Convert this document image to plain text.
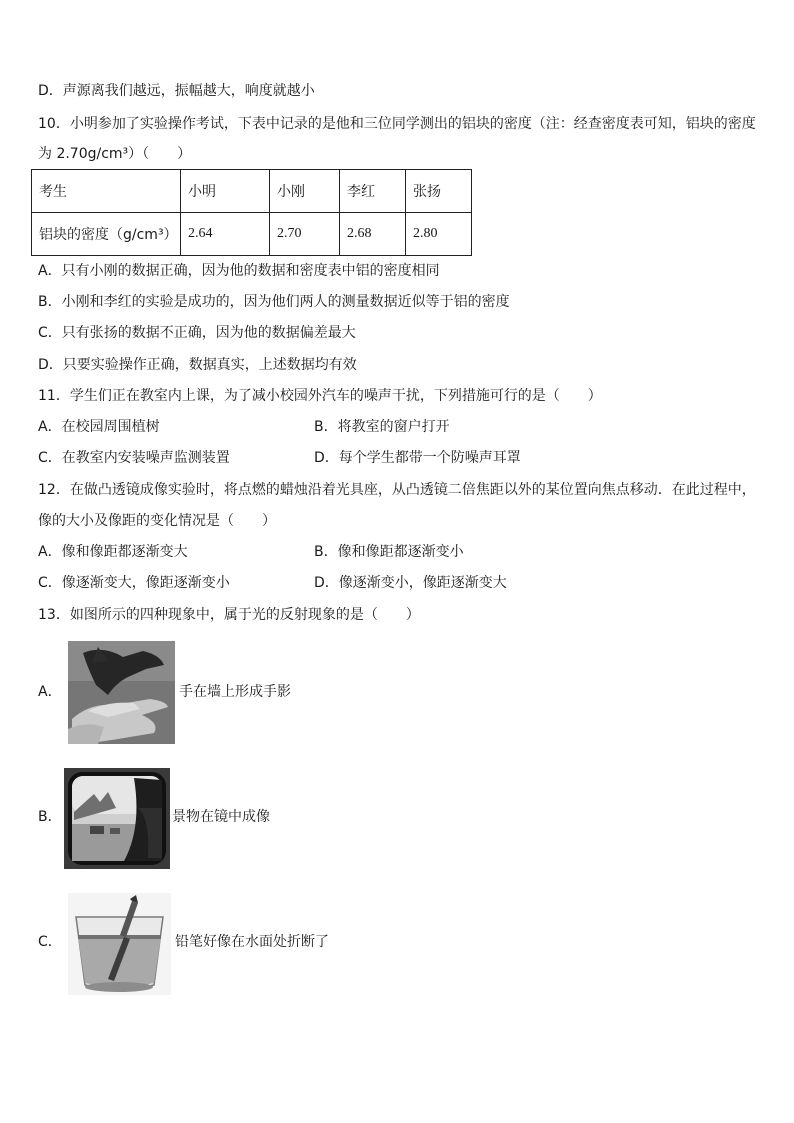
D．声源离我们越远，振幅越大，响度就越小
10．小明参加了实验操作考试，下表中记录的是他和三位同学测出的铝块的密度（注：经查密度表可知，铝块的密度
为 2.70g/cm³）（　　）
考生	小明	小刚	李红	张扬
铝块的密度（g/cm³）	2.64	2.70	2.68	2.80
A．只有小刚的数据正确，因为他的数据和密度表中铝的密度相同
B．小刚和李红的实验是成功的，因为他们两人的测量数据近似等于铝的密度
C．只有张扬的数据不正确，因为他的数据偏差最大
D．只要实验操作正确，数据真实，上述数据均有效
11．学生们正在教室内上课，为了减小校园外汽车的噪声干扰，下列措施可行的是（　　）
A．在校园周围植树	B．将教室的窗户打开
C．在教室内安装噪声监测装置	D．每个学生都带一个防噪声耳罩
12．在做凸透镜成像实验时，将点燃的蜡烛沿着光具座，从凸透镜二倍焦距以外的某位置向焦点移动．在此过程中，
像的大小及像距的变化情况是（　　）
A．像和像距都逐渐变大	B．像和像距都逐渐变小
C．像逐渐变大，像距逐渐变小	D．像逐渐变小，像距逐渐变大
13．如图所示的四种现象中，属于光的反射现象的是（　　）
A．	手在墙上形成手影
B．	景物在镜中成像
C．	铅笔好像在水面处折断了
